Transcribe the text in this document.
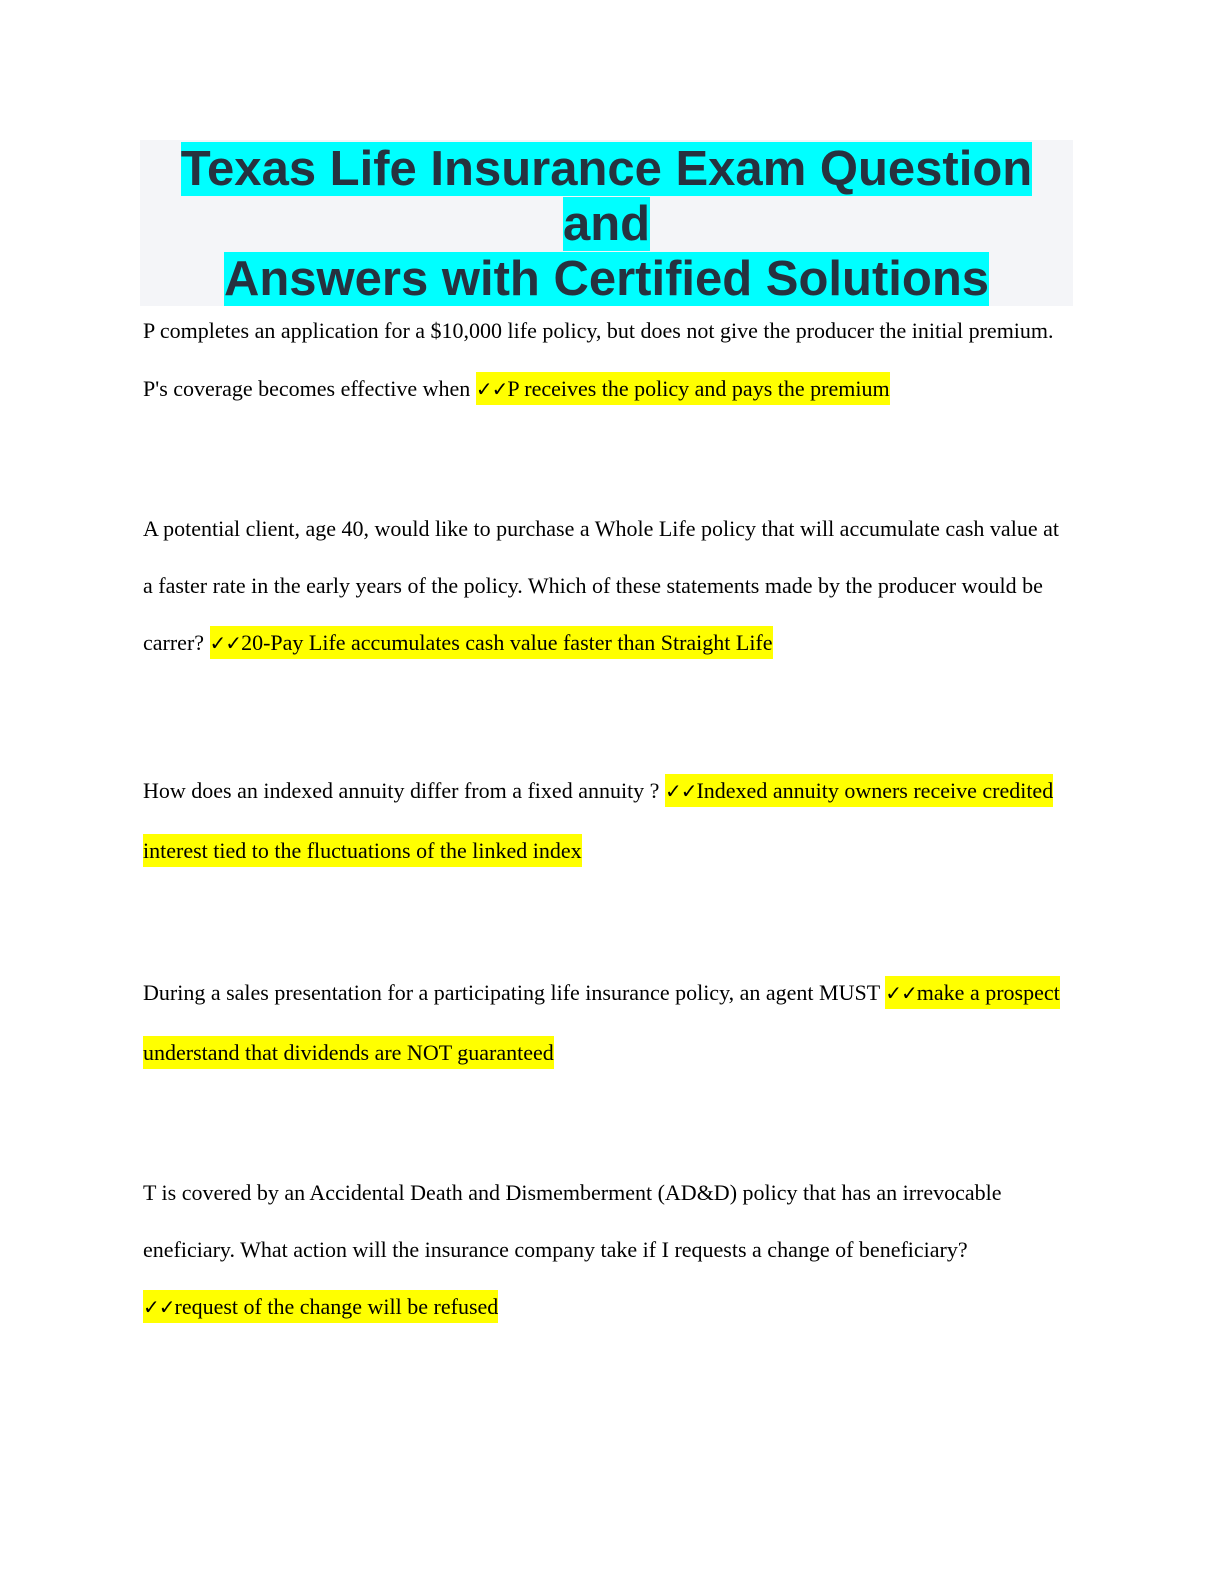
Texas Life Insurance Exam Question and
Answers with Certified Solutions

P completes an application for a $10,000 life policy, but does not give the producer the initial premium. P's coverage becomes effective when ✓✓P receives the policy and pays the premium

A potential client, age 40, would like to purchase a Whole Life policy that will accumulate cash value at a faster rate in the early years of the policy. Which of these statements made by the producer would be carrer? ✓✓20-Pay Life accumulates cash value faster than Straight Life

How does an indexed annuity differ from a fixed annuity ? ✓✓Indexed annuity owners receive credited interest tied to the fluctuations of the linked index

During a sales presentation for a participating life insurance policy, an agent MUST ✓✓make a prospect understand that dividends are NOT guaranteed

T is covered by an Accidental Death and Dismemberment (AD&D) policy that has an irrevocable eneficiary. What action will the insurance company take if I requests a change of beneficiary? ✓✓request of the change will be refused
